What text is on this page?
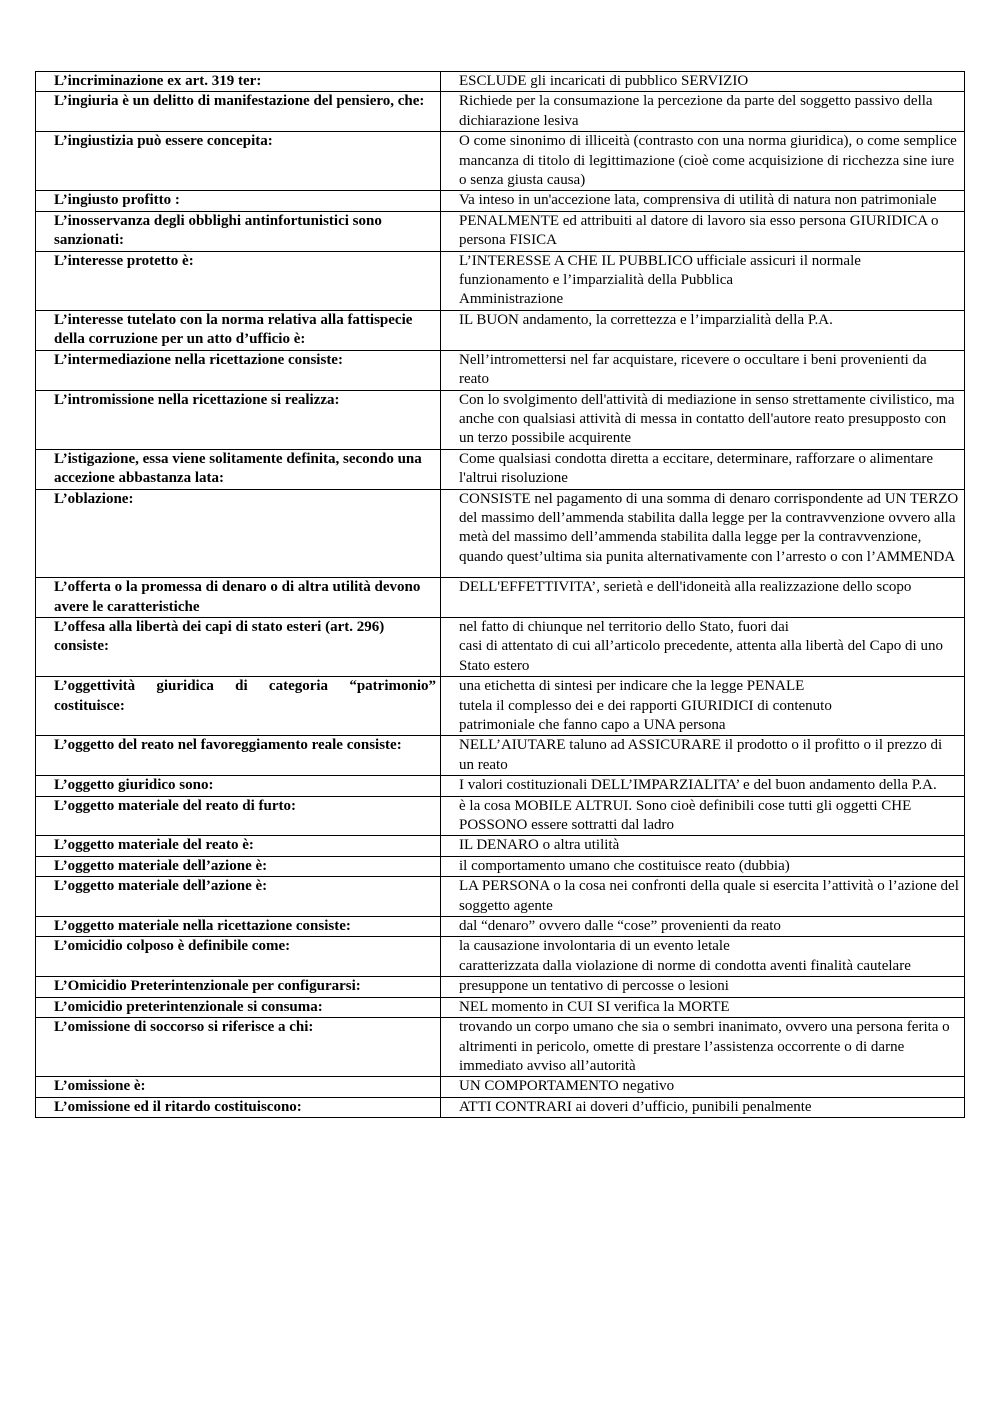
L’incriminazione ex art. 319 ter:	ESCLUDE gli incaricati di pubblico SERVIZIO
L’ingiuria è un delitto di manifestazione del pensiero, che:	Richiede per la consumazione la percezione da parte del soggetto passivo della dichiarazione lesiva
L’ingiustizia può essere concepita:	O come sinonimo di illiceità (contrasto con una norma giuridica), o come semplice mancanza di titolo di legittimazione (cioè come acquisizione di ricchezza sine iure o senza giusta causa)
L’ingiusto profitto :	Va inteso in un'accezione lata, comprensiva di utilità di natura non patrimoniale
L’inosservanza degli obblighi antinfortunistici sono sanzionati:	PENALMENTE ed attribuiti al datore di lavoro sia esso persona GIURIDICA o persona FISICA
L’interesse protetto è:	L’INTERESSE A CHE IL PUBBLICO ufficiale assicuri il normale
funzionamento e l’imparzialità della Pubblica
Amministrazione
L’interesse tutelato con la norma relativa alla fattispecie della corruzione per un atto d’ufficio è:	IL BUON andamento, la correttezza e l’imparzialità della P.A.
L’intermediazione nella ricettazione consiste:	Nell’intromettersi nel far acquistare, ricevere o occultare i beni provenienti da reato
L’intromissione nella ricettazione si realizza:	Con lo svolgimento dell'attività di mediazione in senso strettamente civilistico, ma anche con qualsiasi attività di messa in contatto dell'autore reato presupposto con un terzo possibile acquirente
L’istigazione, essa viene solitamente definita, secondo una accezione abbastanza lata:	Come qualsiasi condotta diretta a eccitare, determinare, rafforzare o alimentare l'altrui risoluzione
L’oblazione:	CONSISTE nel pagamento di una somma di denaro corrispondente ad UN TERZO del massimo dell’ammenda stabilita dalla legge per la contravvenzione ovvero alla metà del massimo dell’ammenda stabilita dalla legge per la contravvenzione, quando quest’ultima sia punita alternativamente con l’arresto o con l’AMMENDA
L’offerta o la promessa di denaro o di altra utilità devono avere le caratteristiche	DELL'EFFETTIVITA’, serietà e dell'idoneità alla realizzazione dello scopo
L’offesa alla libertà dei capi di stato esteri (art. 296) consiste:	nel fatto di chiunque nel territorio dello Stato, fuori dai
casi di attentato di cui all’articolo precedente, attenta alla libertà del Capo di uno Stato estero
L’oggettività giuridica di categoria “patrimonio” costituisce:	una etichetta di sintesi per indicare che la legge PENALE
tutela il complesso dei e dei rapporti GIURIDICI di contenuto
patrimoniale che fanno capo a UNA persona
L’oggetto del reato nel favoreggiamento reale consiste:	NELL’AIUTARE taluno ad ASSICURARE il prodotto o il profitto o il prezzo di un reato
L’oggetto giuridico sono:	I valori costituzionali DELL’IMPARZIALITA’ e del buon andamento della P.A.
L’oggetto materiale del reato di furto:	è la cosa MOBILE ALTRUI. Sono cioè definibili cose tutti gli oggetti CHE POSSONO essere sottratti dal ladro
L’oggetto materiale del reato è:	IL DENARO o altra utilità
L’oggetto materiale dell’azione è:	il comportamento umano che costituisce reato (dubbia)
L’oggetto materiale dell’azione è:	LA PERSONA o la cosa nei confronti della quale si esercita l’attività o l’azione del soggetto agente
L’oggetto materiale nella ricettazione consiste:	dal “denaro” ovvero dalle “cose” provenienti da reato
L’omicidio colposo è definibile come:	la causazione involontaria di un evento letale
caratterizzata dalla violazione di norme di condotta aventi finalità cautelare
L’Omicidio Preterintenzionale per configurarsi:	presuppone un tentativo di percosse o lesioni
L’omicidio preterintenzionale si consuma:	NEL momento in CUI SI verifica la MORTE
L’omissione di soccorso si riferisce a chi:	trovando un corpo umano che sia o sembri inanimato, ovvero una persona ferita o altrimenti in pericolo, omette di prestare l’assistenza occorrente o di darne
immediato avviso all’autorità
L’omissione è:	UN COMPORTAMENTO negativo
L’omissione ed il ritardo costituiscono:	ATTI CONTRARI ai doveri d’ufficio, punibili penalmente
